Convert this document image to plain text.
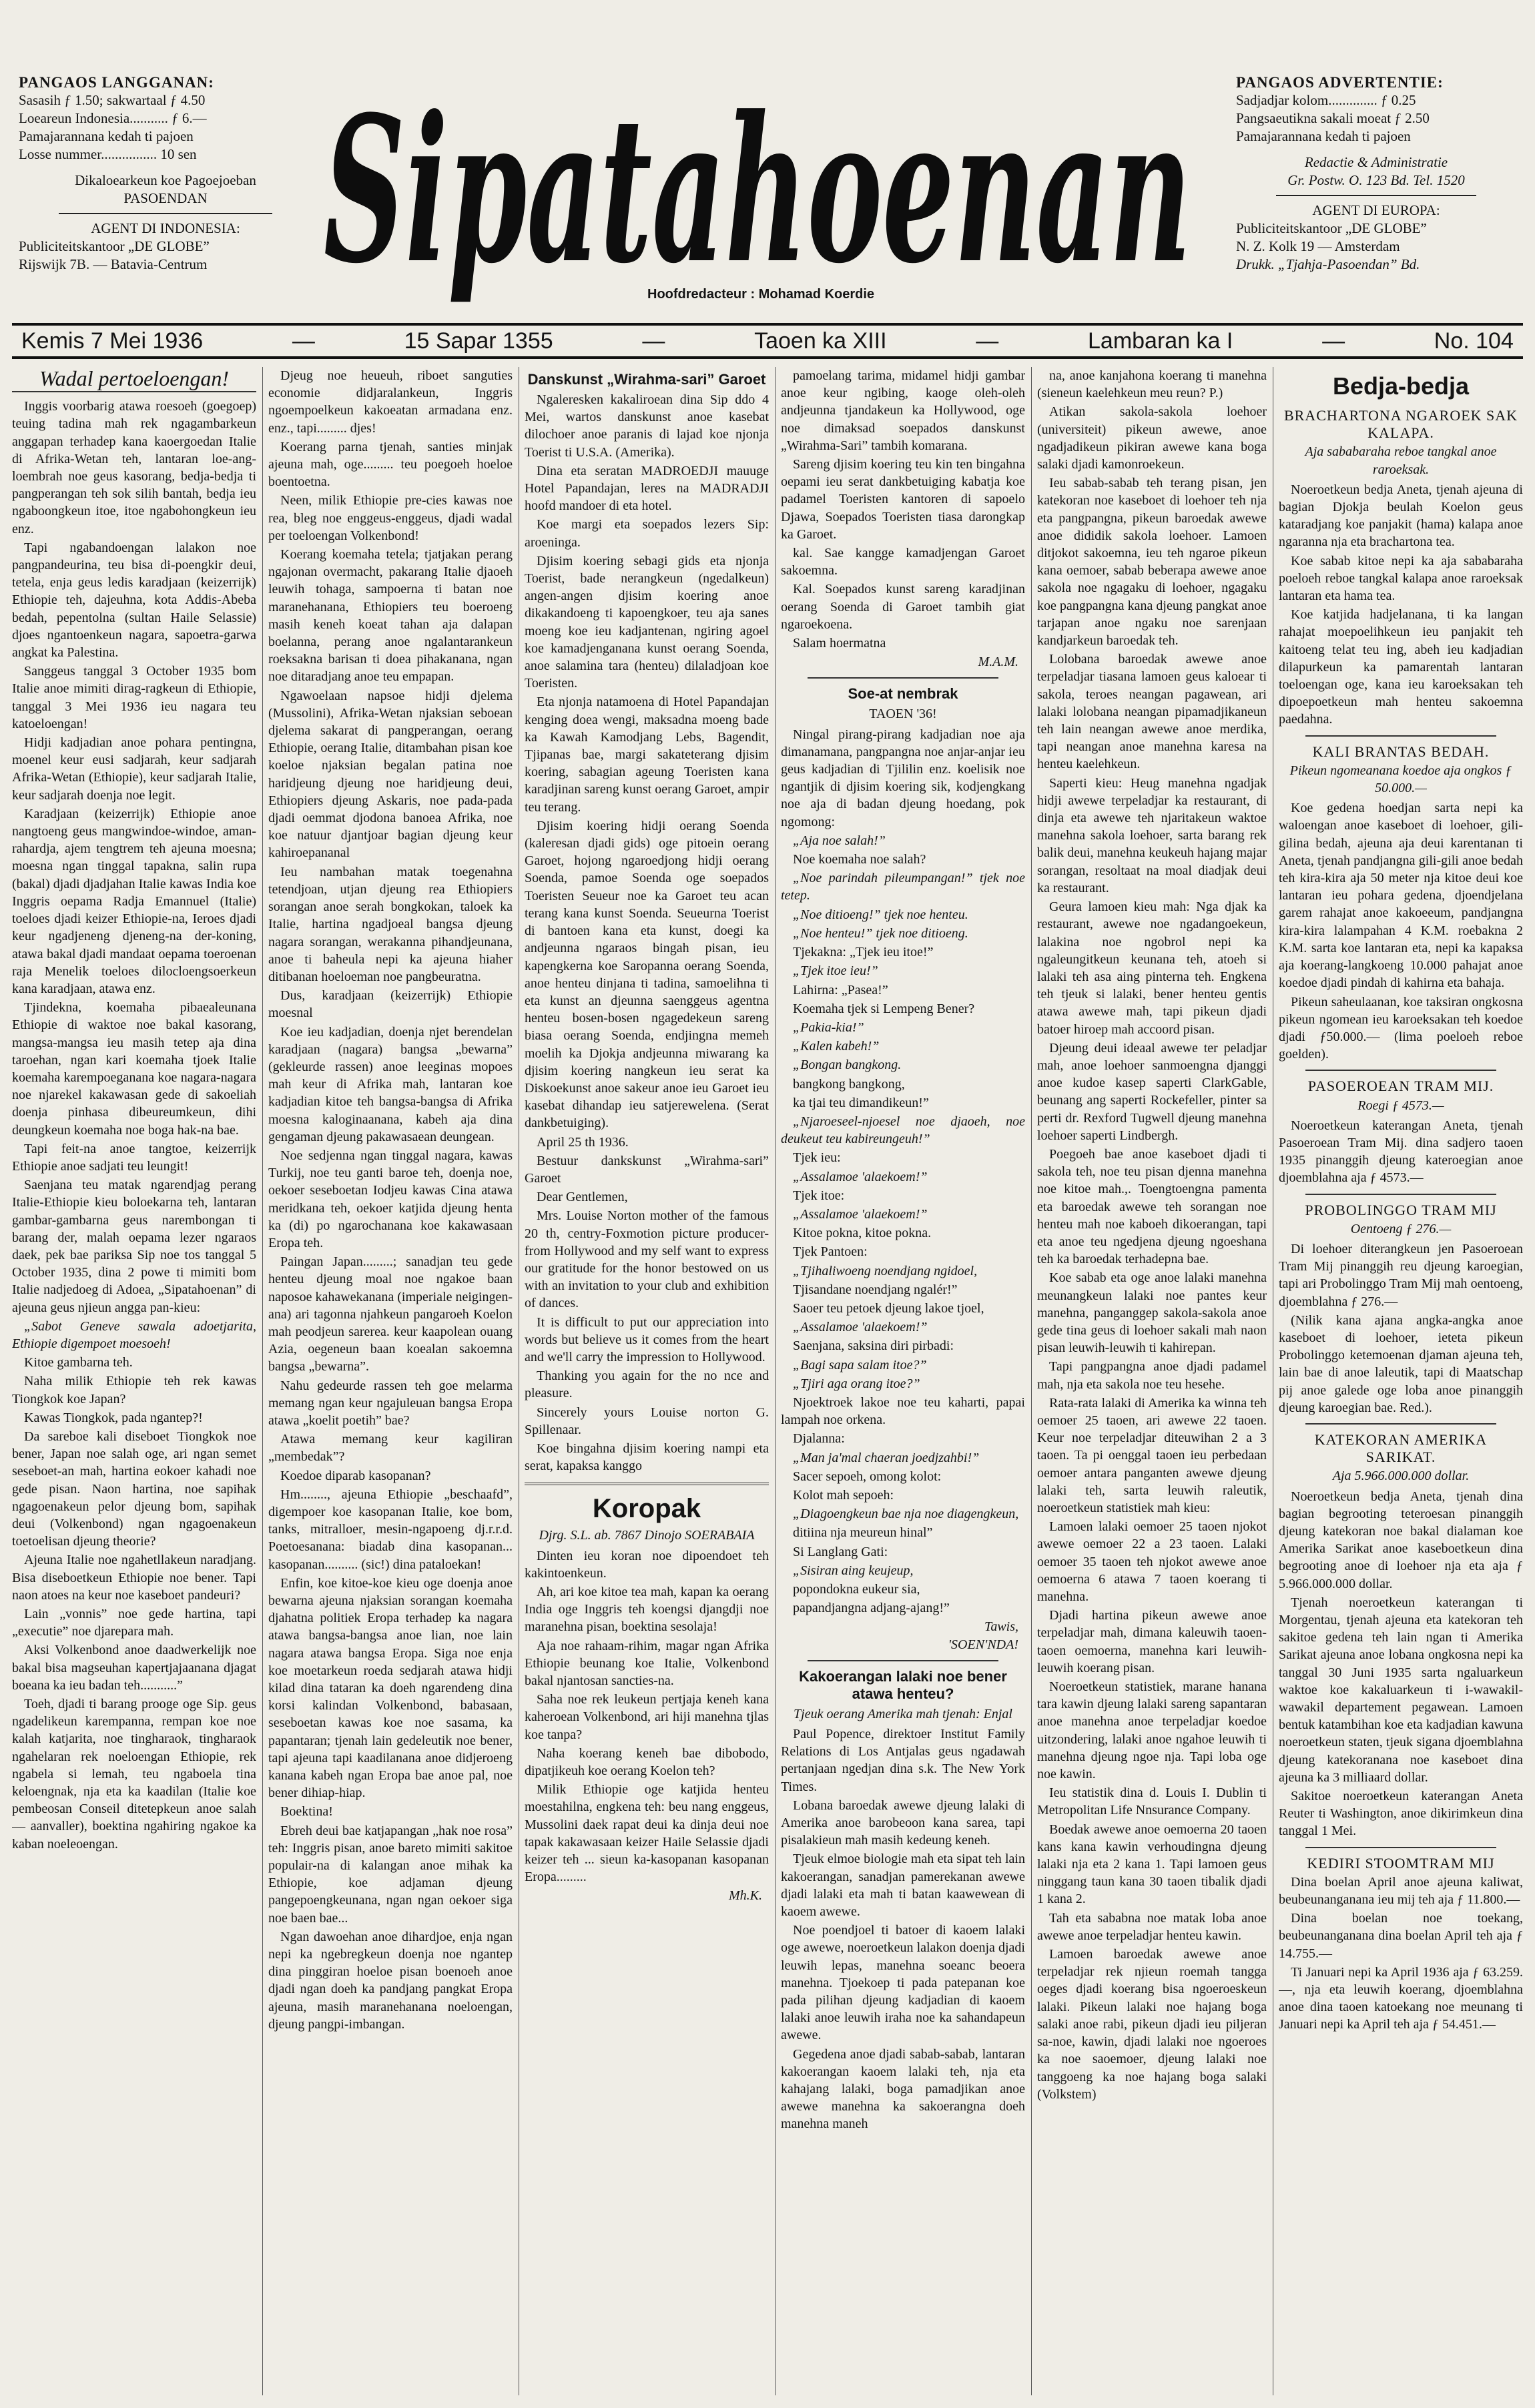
PANGAOS LANGGANAN:
Sasasih ƒ 1.50; sakwartaal ƒ 4.50
Loeareun Indonesia........... ƒ 6.—
Pamajarannana kedah ti pajoen
Losse nummer................ 10 sen
Dikaloearkeun koe Pagoejoeban
PASOENDAN
AGENT DI INDONESIA:
Publiciteitskantoor „DE GLOBE”
Rijswijk 7B. — Batavia-Centrum Sipatahoenan
Hoofdredacteur : Mohamad Koerdie
PANGAOS ADVERTENTIE:
Sadjadjar kolom.............. ƒ 0.25
Pangsaeutikna sakali moeat ƒ 2.50
Pamajarannana kedah ti pajoen
Redactie & Administratie
Gr. Postw. O. 123 Bd. Tel. 1520
AGENT DI EUROPA:
Publiciteitskantoor „DE GLOBE”
N. Z. Kolk 19 — Amsterdam
Drukk. „Tjahja-Pasoendan” Bd.
Kemis 7 Mei 1936	—	15 Sapar 1355	—	Taoen ka XIII	—	Lambaran ka I	—	No. 104
Wadal pertoeloengan!

Inggis voorbarig atawa roesoeh (goegoep) teuing tadina mah rek ngagambarkeun anggapan terhadep kana kaoergoedan Italie di Afrika-Wetan teh, lantaran loe-ang-loembrah noe geus kasorang, bedja-bedja ti pangperangan teh sok silih bantah, bedja ieu ngaboongkeun itoe, itoe ngabohongkeun ieu enz.

Tapi ngabandoengan lalakon noe pangpandeurina, teu bisa di-poengkir deui, tetela, enja geus ledis karadjaan (keizerrijk) Ethiopie teh, dajeuhna, kota Addis-Abeba bedah, pepentolna (sultan Haile Selassie) djoes ngantoenkeun nagara, sapoetra-garwa angkat ka Palestina.

Sanggeus tanggal 3 October 1935 bom Italie anoe mimiti dirag-ragkeun di Ethiopie, tanggal 3 Mei 1936 ieu nagara teu katoeloengan!

Hidji kadjadian anoe pohara pentingna, moenel keur eusi sadjarah, keur sadjarah Afrika-Wetan (Ethiopie), keur sadjarah Italie, keur sadjarah doenja noe legit.

Karadjaan (keizerrijk) Ethiopie anoe nangtoeng geus mangwindoe-windoe, aman-rahardja, ajem tengtrem teh ajeuna moesna; moesna ngan tinggal tapakna, salin rupa (bakal) djadi djadjahan Italie kawas India koe Inggris oepama Radja Emannuel (Italie) toeloes djadi keizer Ethiopie-na, Ieroes djadi keur ngadjeneng djeneng-na der-koning, atawa bakal djadi mandaat oepama toeroenan raja Menelik toeloes dilocloengsoerkeun kana karadjaan, atawa enz.

Tjindekna, koemaha pibaealeunana Ethiopie di waktoe noe bakal kasorang, mangsa-mangsa ieu masih tetep aja dina taroehan, ngan kari koemaha tjoek Italie koemaha karempoeganana koe nagara-nagara noe njarekel kakawasan gede di sakoeliah doenja pinhasa dibeureumkeun, dihi deungkeun koemaha noe boga hak-na bae.

Tapi feit-na anoe tangtoe, keizerrijk Ethiopie anoe sadjati teu leungit!

Saenjana teu matak ngarendjag perang Italie-Ethiopie kieu boloekarna teh, lantaran gambar-gambarna geus narembongan ti barang der, malah oepama lezer ngaraos daek, pek bae pariksa Sip noe tos tanggal 5 October 1935, dina 2 powe ti mimiti bom Italie nadjedoeg di Adoea, „Sipatahoenan” di ajeuna geus njieun angga pan-kieu:

„Sabot Geneve sawala adoetjarita, Ethiopie digempoet moesoeh!

Kitoe gambarna teh.

Naha milik Ethiopie teh rek kawas Tiongkok koe Japan?

Kawas Tiongkok, pada ngantep?!

Da sareboe kali diseboet Tiongkok noe bener, Japan noe salah oge, ari ngan semet seseboet-an mah, hartina eokoer kahadi noe gede pisan. Naon hartina, noe sapihak ngagoenakeun pelor djeung bom, sapihak deui (Volkenbond) ngan ngagoenakeun toetoelisan djeung theorie?

Ajeuna Italie noe ngahetllakeun naradjang. Bisa diseboetkeun Ethiopie noe bener. Tapi naon atoes na keur noe kaseboet pandeuri?

Lain „vonnis” noe gede hartina, tapi „executie” noe djarepara mah.

Aksi Volkenbond anoe daadwerkelijk noe bakal bisa magseuhan kapertjajaanana djagat boeana ka ieu badan teh...........”

Toeh, djadi ti barang prooge oge Sip. geus ngadelikeun karempanna, rempan koe noe kalah katjarita, noe tingharaok, tingharaok ngahelaran rek noeloengan Ethiopie, rek ngabela si lemah, teu ngaboela tina keloengnak, nja eta ka kaadilan (Italie koe pembeosan Conseil ditetepkeun anoe salah — aanvaller), boektina ngahiring ngakoe ka kaban noeleoengan.

Djeug noe heueuh, riboet sanguties economie didjaralankeun, Inggris ngoempoelkeun kakoeatan armadana enz. enz., tapi......... djes!

Koerang parna tjenah, santies minjak ajeuna mah, oge......... teu poegoeh hoeloe boentoetna.

Neen, milik Ethiopie pre-cies kawas noe rea, bleg noe enggeus-enggeus, djadi wadal per toeloengan Volkenbond!

Koerang koemaha tetela; tjatjakan perang ngajonan overmacht, pakarang Italie djaoeh leuwih tohaga, sampoerna ti batan noe maranehanana, Ethiopiers teu boeroeng masih keneh koeat tahan aja dalapan boelanna, perang anoe ngalantarankeun roeksakna barisan ti doea pihakanana, ngan noe ditaradjang anoe teu empapan.

Ngawoelaan napsoe hidji djelema (Mussolini), Afrika-Wetan njaksian seboean djelema sakarat di pangperangan, oerang Ethiopie, oerang Italie, ditambahan pisan koe koeloe njaksian begalan patina noe haridjeung djeung noe haridjeung deui, Ethiopiers djeung Askaris, noe pada-pada djadi oemmat djodona banoea Afrika, noe koe natuur djantjoar bagian djeung keur kahiroepananal

Ieu nambahan matak toegenahna tetendjoan, utjan djeung rea Ethiopiers sorangan anoe serah bongkokan, taloek ka Italie, hartina ngadjoeal bangsa djeung nagara sorangan, werakanna pihandjeunana, anoe ti baheula nepi ka ajeuna hiaher ditibanan hoeloeman noe pangbeuratna.

Dus, karadjaan (keizerrijk) Ethiopie moesnal

Koe ieu kadjadian, doenja njet berendelan karadjaan (nagara) bangsa „bewarna” (gekleurde rassen) anoe leeginas mopoes mah keur di Afrika mah, lantaran koe kadjadian kitoe teh bangsa-bangsa di Afrika moesna kaloginaanana, kabeh aja dina gengaman djeung pakawasaean deungean.

Noe sedjenna ngan tinggal nagara, kawas Turkij, noe teu ganti baroe teh, doenja noe, oekoer seseboetan Iodjeu kawas Cina atawa meridkana teh, oekoer katjida djeung henta ka (di) po ngarochanana koe kakawasaan Eropa teh.

Paingan Japan.........; sanadjan teu gede henteu djeung moal noe ngakoe baan naposoe kahawekanana (imperiale neigingen-ana) ari tagonna njahkeun pangaroeh Koelon mah peodjeun sarerea. keur kaapolean ouang Azia, oegeneun baan koealan sakoemna bangsa „bewarna”.

Nahu gedeurde rassen teh goe melarma memang ngan keur ngajuleuan bangsa Eropa atawa „koelit poetih” bae?

Atawa memang keur kagiliran „membedak”?

Koedoe diparab kasopanan?

Hm........, ajeuna Ethiopie „beschaafd”, digempoer koe kasopanan Italie, koe bom, tanks, mitralloer, mesin-ngapoeng dj.r.r.d. Poetoesanana: biadab dina kasopanan... kasopanan.......... (sic!) dina pataloekan!

Enfin, koe kitoe-koe kieu oge doenja anoe bewarna ajeuna njaksian sorangan koemaha djahatna politiek Eropa terhadep ka nagara atawa bangsa-bangsa anoe lian, noe lain nagara atawa bangsa Eropa. Siga noe enja koe moetarkeun roeda sedjarah atawa hidji kilad dina tataran ka doeh ngarendeng dina korsi kalindan Volkenbond, babasaan, seseboetan kawas koe noe sasama, ka papantaran; tjenah lain gedeleutik noe bener, tapi ajeuna tapi kaadilanana anoe didjeroeng kanana kabeh ngan Eropa bae anoe pal, noe bener dihiap-hiap.

Boektina!

Ebreh deui bae katjapangan „hak noe rosa” teh: Inggris pisan, anoe bareto mimiti sakitoe populair-na di kalangan anoe mihak ka Ethiopie, koe adjaman djeung pangepoengkeunana, ngan ngan oekoer siga noe baen bae...

Ngan dawoehan anoe dihardjoe, enja ngan nepi ka ngebregkeun doenja noe ngantep dina pinggiran hoeloe pisan boenoeh anoe djadi ngan doeh ka pandjang pangkat Eropa ajeuna, masih maranehanana noeloengan, djeung pangpi-imbangan.

Danskunst „Wirahma-sari” Garoet

Ngaleresken kakaliroean dina Sip ddo 4 Mei, wartos danskunst anoe kasebat dilochoer anoe paranis di lajad koe njonja Toerist ti U.S.A. (Amerika).

Dina eta seratan MADROEDJI mauuge Hotel Papandajan, leres na MADRADJI hoofd mandoer di eta hotel.

Koe margi eta soepados lezers Sip: aroeninga.

Djisim koering sebagi gids eta njonja Toerist, bade nerangkeun (ngedalkeun) angen-angen djisim koering anoe dikakandoeng ti kapoengkoer, teu aja sanes moeng koe ieu kadjantenan, ngiring agoel koe kamadjenganana kunst oerang Soenda, anoe salamina tara (henteu) dilaladjoan koe Toeristen.

Eta njonja natamoena di Hotel Papandajan kenging doea wengi, maksadna moeng bade ka Kawah Kamodjang Lebs, Bagendit, Tjipanas bae, margi sakateterang djisim koering, sabagian ageung Toeristen kana karadjinan sareng kunst oerang Garoet, ampir teu terang.

Djisim koering hidji oerang Soenda (kaleresan djadi gids) oge pitoein oerang Garoet, hojong ngaroedjong hidji oerang Soenda, pamoe Soenda oge soepados Toeristen Seueur noe ka Garoet teu acan terang kana kunst Soenda. Seueurna Toerist di bantoen kana eta kunst, doegi ka andjeunna ngaraos bingah pisan, ieu kapengkerna koe Saropanna oerang Soenda, anoe henteu dinjana ti tadina, samoelihna ti eta kunst an djeunna saenggeus agentna henteu bosen-bosen ngagedekeun sareng biasa oerang Soenda, endjingna memeh moelih ka Djokja andjeunna miwarang ka djisim koering nangkeun ieu serat ka Diskoekunst anoe sakeur anoe ieu Garoet ieu kasebat dihandap ieu satjerewelena. (Serat dankbetuiging).

April 25 th 1936.

Bestuur dankskunst „Wirahma-sari” Garoet

Dear Gentlemen,

Mrs. Louise Norton mother of the famous 20 th, centry-Foxmotion picture producer-from Hollywood and my self want to express our gratitude for the honor bestowed on us with an invitation to your club and exhibition of dances.

It is difficult to put our appreciation into words but believe us it comes from the heart and we'll carry the impression to Hollywood.

Thanking you again for the no nce and pleasure.

Sincerely yours Louise norton G. Spillenaar.

Koe bingahna djisim koering nampi eta serat, kapaksa kanggo

Koropak
Djrg. S.L. ab. 7867 Dinojo SOERABAIA

Dinten ieu koran noe dipoendoet teh kakintoenkeun.

Ah, ari koe kitoe tea mah, kapan ka oerang India oge Inggris teh koengsi djangdji noe maranehna pisan, boektina sesolaja!

Aja noe rahaam-rihim, magar ngan Afrika Ethiopie beunang koe Italie, Volkenbond bakal njantosan sancties-na.

Saha noe rek leukeun pertjaja keneh kana kaheroean Volkenbond, ari hiji manehna tjlas koe tanpa?

Naha koerang keneh bae dibobodo, dipatjikeuh koe oerang Koelon teh?

Milik Ethiopie oge katjida henteu moestahilna, engkena teh: beu nang enggeus, Mussolini daek rapat deui ka dinja deui noe tapak kakawasaan keizer Haile Selassie djadi keizer teh ... sieun ka-kasopanan kasopanan Eropa.........

Mh.K.

pamoelang tarima, midamel hidji gambar anoe keur ngibing, kaoge oleh-oleh andjeunna tjandakeun ka Hollywood, oge noe dimaksad soepados danskunst „Wirahma-Sari” tambih komarana.

Sareng djisim koering teu kin ten bingahna oepami ieu serat dankbetuiging kabatja koe padamel Toeristen kantoren di sapoelo Djawa, Soepados Toeristen tiasa darongkap ka Garoet.

kal. Sae kangge kamadjengan Garoet sakoemna.

Kal. Soepados kunst sareng karadjinan oerang Soenda di Garoet tambih giat ngaroekoena.

Salam hoermatna

M.A.M.
Soe-at nembrak
TAOEN '36!

Ningal pirang-pirang kadjadian noe aja dimanamana, pangpangna noe anjar-anjar ieu geus kadjadian di Tjililin enz. koelisik noe ngantjik di djisim koering sik, kodjengkang noe aja di badan djeung hoedang, pok ngomong:

„Aja noe salah!”

Noe koemaha noe salah?

„Noe parindah pileumpangan!” tjek noe tetep.

„Noe ditioeng!” tjek noe henteu.

„Noe henteu!” tjek noe ditioeng.

Tjekakna: „Tjek ieu itoe!”

„Tjek itoe ieu!”

Lahirna: „Pasea!”

Koemaha tjek si Lempeng Bener?

„Pakia-kia!”

„Kalen kabeh!”

„Bongan bangkong.

bangkong bangkong,

ka tjai teu dimandikeun!”

„Njaroeseel-njoesel noe djaoeh, noe deukeut teu kabireungeuh!”

Tjek ieu:

„Assalamoe 'alaekoem!”

Tjek itoe:

„Assalamoe 'alaekoem!”

Kitoe pokna, kitoe pokna.

Tjek Pantoen:

„Tjihaliwoeng noendjang ngidoel,

Tjisandane noendjang ngalér!”

Saoer teu petoek djeung lakoe tjoel,

„Assalamoe 'alaekoem!”

Saenjana, saksina diri pirbadi:

„Bagi sapa salam itoe?”

„Tjiri aga orang itoe?”

Njoektroek lakoe noe teu kaharti, papai lampah noe orkena.

Djalanna:

„Man ja'mal chaeran joedjzahbi!”

Sacer sepoeh, omong kolot:

Kolot mah sepoeh:

„Diagoengkeun bae nja noe diagengkeun,

ditiina nja meureun hinal”

Si Langlang Gati:

„Sisiran aing keujeup,

popondokna eukeur sia,

papandjangna adjang-ajang!”

Tawis,
'SOEN'NDA!
Kakoerangan lalaki noe bener atawa henteu?
Tjeuk oerang Amerika mah tjenah: Enjal

Paul Popence, direktoer Institut Family Relations di Los Antjalas geus ngadawah pertanjaan ngedjan dina s.k. The New York Times.

Lobana baroedak awewe djeung lalaki di Amerika anoe barobeoon kana sarea, tapi pisalakieun mah masih kedeung keneh.

Tjeuk elmoe biologie mah eta sipat teh lain kakoerangan, sanadjan pamerekanan awewe djadi lalaki eta mah ti batan kaawewean di kaoem awewe.

Noe poendjoel ti batoer di kaoem lalaki oge awewe, noeroetkeun lalakon doenja djadi leuwih lepas, manehna soeanc beoera manehna. Tjoekoep ti pada patepanan koe pada pilihan djeung kadjadian di kaoem lalaki anoe leuwih iraha noe ka sahandapeun awewe.

Gegedena anoe djadi sabab-sabab, lantaran kakoerangan kaoem lalaki teh, nja eta kahajang lalaki, boga pamadjikan anoe awewe manehna ka sakoerangna doeh manehna maneh

na, anoe kanjahona koerang ti manehna (sieneun kaelehkeun meu reun? P.)

Atikan sakola-sakola loehoer (universiteit) pikeun awewe, anoe ngadjadikeun pikiran awewe kana boga salaki djadi kamonroekeun.

Ieu sabab-sabab teh terang pisan, jen katekoran noe kaseboet di loehoer teh nja eta pangpangna, pikeun baroedak awewe anoe dididik sakola loehoer. Lamoen ditjokot sakoemna, ieu teh ngaroe pikeun kana oemoer, sabab beberapa awewe anoe sakola noe ngagaku di loehoer, ngagaku koe pangpangna kana djeung pangkat anoe tarjapan anoe ngaku noe sarenjaan kandjarkeun baroedak teh.

Lolobana baroedak awewe anoe terpeladjar tiasana lamoen geus kaloear ti sakola, teroes neangan pagawean, ari lalaki lolobana neangan pipamadjikaneun teh lain neangan awewe anoe merdika, tapi neangan anoe manehna karesa na henteu kaelehkeun.

Saperti kieu: Heug manehna ngadjak hidji awewe terpeladjar ka restaurant, di dinja eta awewe teh njaritakeun waktoe manehna sakola loehoer, sarta barang rek balik deui, manehna keukeuh hajang majar sorangan, resoltaat na moal diadjak deui ka restaurant.

Geura lamoen kieu mah: Nga djak ka restaurant, awewe noe ngadangoekeun, lalakina noe ngobrol nepi ka ngaleungitkeun keunana teh, atoeh si lalaki teh asa aing pinterna teh. Engkena teh tjeuk si lalaki, bener henteu gentis atawa awewe mah, tapi pikeun djadi batoer hiroep mah accoord pisan.

Djeung deui ideaal awewe ter peladjar mah, anoe loehoer sanmoengna djanggi anoe kudoe kasep saperti ClarkGable, beunang ang saperti Rockefeller, pinter sa perti dr. Rexford Tugwell djeung manehna loehoer saperti Lindbergh.

Poegoeh bae anoe kaseboet djadi ti sakola teh, noe teu pisan djenna manehna noe kitoe mah.,. Toengtoengna pamenta eta baroedak awewe teh sorangan noe henteu mah noe kaboeh dikoerangan, tapi eta anoe teu ngedjena djeung ngoeshana teh ka baroedak terhadepna bae.

Koe sabab eta oge anoe lalaki manehna meunangkeun lalaki noe pantes keur manehna, panganggep sakola-sakola anoe gede tina geus di loehoer sakali mah naon pisan leuwih-leuwih ti kahirepan.

Tapi pangpangna anoe djadi padamel mah, nja eta sakola noe teu hesehe.

Rata-rata lalaki di Amerika ka winna teh oemoer 25 taoen, ari awewe 22 taoen. Keur noe terpeladjar diteuwihan 2 a 3 taoen. Ta pi oenggal taoen ieu perbedaan oemoer antara panganten awewe djeung lalaki teh, sarta leuwih raleutik, noeroetkeun statistiek mah kieu:

Lamoen lalaki oemoer 25 taoen njokot awewe oemoer 22 a 23 taoen. Lalaki oemoer 35 taoen teh njokot awewe anoe oemoerna 6 atawa 7 taoen koerang ti manehna.

Djadi hartina pikeun awewe anoe terpeladjar mah, dimana kaleuwih taoen-taoen oemoerna, manehna kari leuwih-leuwih koerang pisan.

Noeroetkeun statistiek, marane hanana tara kawin djeung lalaki sareng sapantaran anoe manehna anoe terpeladjar koedoe uitzondering, lalaki anoe ngahoe leuwih ti manehna djeung ngoe nja. Tapi loba oge noe kawin.

Ieu statistik dina d. Louis I. Dublin ti Metropolitan Life Nnsurance Company.

Boedak awewe anoe oemoerna 20 taoen kans kana kawin verhoudingna djeung lalaki nja eta 2 kana 1. Tapi lamoen geus ninggang taun kana 30 taoen tibalik djadi 1 kana 2.

Tah eta sababna noe matak loba anoe awewe anoe terpeladjar henteu kawin.

Lamoen baroedak awewe anoe terpeladjar rek njieun roemah tangga oeges djadi koerang bisa ngoeroeskeun lalaki. Pikeun lalaki noe hajang boga salaki anoe rabi, pikeun djadi ieu piljeran sa-noe, kawin, djadi lalaki noe ngoeroes ka noe saoemoer, djeung lalaki noe tanggoeng ka noe hajang boga salaki (Volkstem)

Bedja-bedja
BRACHARTONA NGAROEK SAK KALAPA.
Aja sababaraha reboe tangkal anoe raroeksak.

Noeroetkeun bedja Aneta, tjenah ajeuna di bagian Djokja beulah Koelon geus kataradjang koe panjakit (hama) kalapa anoe ngaranna nja eta brachartona tea.

Koe sabab kitoe nepi ka aja sababaraha poeloeh reboe tangkal kalapa anoe raroeksak lantaran eta hama tea.

Koe katjida hadjelanana, ti ka langan rahajat moepoelihkeun ieu panjakit teh kaitoeng telat teu ing, abeh ieu kadjadian dilapurkeun ka pamarentah lantaran toeloengan oge, kana ieu karoeksakan teh dipoepoetkeun mah henteu sakoemna paedahna.

KALI BRANTAS BEDAH.
Pikeun ngomeanana koedoe aja ongkos ƒ 50.000.—

Koe gedena hoedjan sarta nepi ka waloengan anoe kaseboet di loehoer, gili-gilina bedah, ajeuna aja deui karentanan ti Aneta, tjenah pandjangna gili-gili anoe bedah teh kira-kira aja 50 meter nja kitoe deui koe lantaran ieu pohara gedena, djoendjelana garem rahajat anoe kakoeeum, pandjangna kira-kira lalampahan 4 K.M. roebakna 2 K.M. sarta koe lantaran eta, nepi ka kapaksa aja koerang-langkoeng 10.000 pahajat anoe koedoe djadi pindah di kahirna eta bahaja.

Pikeun saheulaanan, koe taksiran ongkosna pikeun ngomean ieu karoeksakan teh koedoe djadi ƒ50.000.— (lima poeloeh reboe goelden).

PASOEROEAN TRAM MIJ.
Roegi ƒ 4573.—

Noeroetkeun katerangan Aneta, tjenah Pasoeroean Tram Mij. dina sadjero taoen 1935 pinanggih djeung kateroegian anoe djoemblahna aja ƒ 4573.—

PROBOLINGGO TRAM MIJ
Oentoeng ƒ 276.—

Di loehoer diterangkeun jen Pasoeroean Tram Mij pinanggih reu djeung karoegian, tapi ari Probolinggo Tram Mij mah oentoeng, djoemblahna ƒ 276.—

(Nilik kana ajana angka-angka anoe kaseboet di loehoer, ieteta pikeun Probolinggo ketemoenan djaman ajeuna teh, lain bae di anoe laleutik, tapi di Maatschap pij anoe galede oge loba anoe pinanggih djeung karoegian bae. Red.).

KATEKORAN AMERIKA SARIKAT.
Aja 5.966.000.000 dollar.

Noeroetkeun bedja Aneta, tjenah dina bagian begrooting teteroesan pinanggih djeung katekoran noe bakal dialaman koe Amerika Sarikat anoe kaseboetkeun dina begrooting anoe di loehoer nja eta aja ƒ 5.966.000.000 dollar.

Tjenah noeroetkeun katerangan ti Morgentau, tjenah ajeuna eta katekoran teh sakitoe gedena teh lain ngan ti Amerika Sarikat ajeuna anoe lobana ongkosna nepi ka tanggal 30 Juni 1935 sarta ngaluarkeun waktoe koe kakaluarkeun ti i-wawakil-wawakil departement pegawean. Lamoen bentuk katambihan koe eta kadjadian kawuna noeroetkeun staten, tjeuk sigana djoemblahna djeung katekoranana noe kaseboet dina ajeuna ka 3 milliaard dollar.

Sakitoe noeroetkeun katerangan Aneta Reuter ti Washington, anoe dikirimkeun dina tanggal 1 Mei.

KEDIRI STOOMTRAM MIJ

Dina boelan April anoe ajeuna kaliwat, beubeunanganana ieu mij teh aja ƒ 11.800.—

Dina boelan noe toekang, beubeunanganana dina boelan April teh aja ƒ 14.755.—

Ti Januari nepi ka April 1936 aja ƒ 63.259.—, nja eta leuwih koerang, djoemblahna anoe dina taoen katoekang noe meunang ti Januari nepi ka April teh aja ƒ 54.451.—
